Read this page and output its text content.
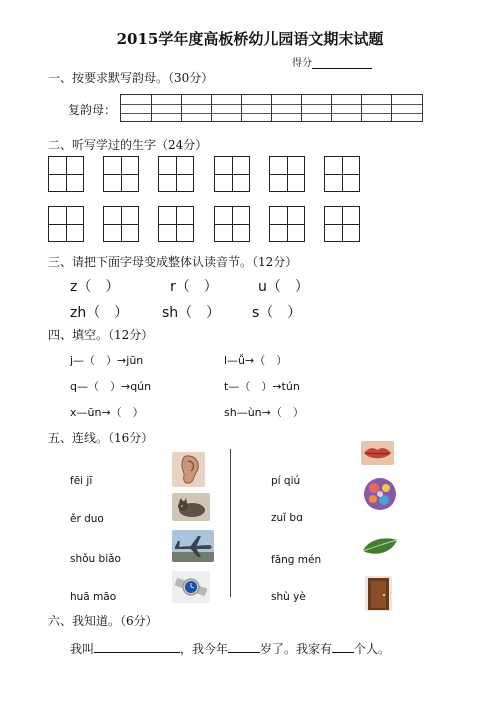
2015学年度高板桥幼儿园语文期末试题
得分
一、按要求默写韵母。（30分）
复韵母：
二、听写学过的生字（24分）
三、请把下面字母变成整体认读音节。（12分）
z（　）	r（　）	u（　）
zh（　） sh（　） s（　）
四、填空。（12分）
j—（　）→jūn	l—ǚ→（　）
q—（　）→qún	t—（　）→tún
x—ūn→（　）	sh—ùn→（　）
五、连线。（16分）
fēi jī
ěr duo
shǒu biǎo
huā māo
pí qiú
zuǐ bɑ
fānɡ mén
shù yè
六、我知道。（6分）
我叫	，我今年	岁了。我家有 个人。
